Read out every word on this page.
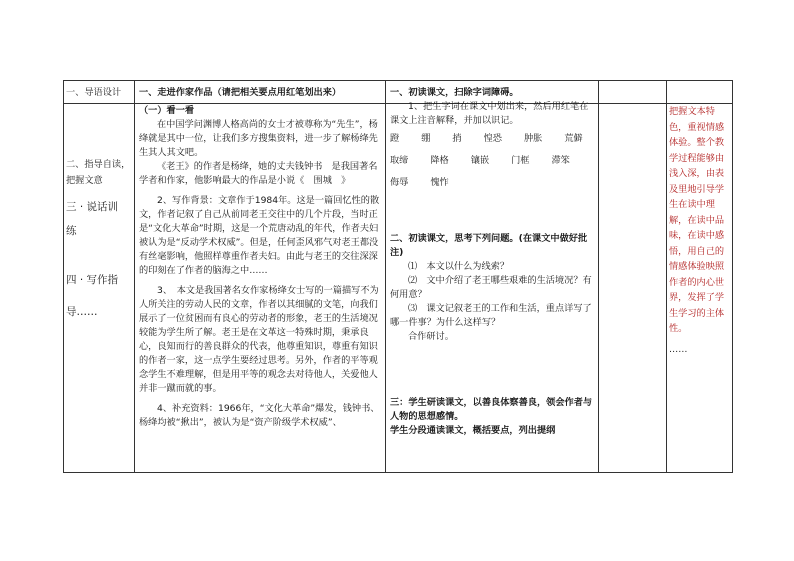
一、导语设计

二、指导自读，

把握文意

三 · 说话训

练

四 · 写作指

导……

一、走进作家作品（请把相关要点用红笔划出来）

（一）看一看

在中国学问渊博人格高尚的女士才被尊称为“先生”，杨绛就是其中一位，让我们多方搜集资料，进一步了解杨绛先生其人其文吧。

《老王》的作者是杨绛，她的丈夫钱钟书　是我国著名学者和作家，他影响最大的作品是小说《　围城　》

2、写作背景：文章作于1984年。这是一篇回忆性的散文，作者记叙了自己从前同老王交往中的几个片段，当时正是“文化大革命”时期，这是一个荒唐动乱的年代，作者夫妇被认为是“反动学术权威”。但是，任何歪风邪气对老王都没有丝毫影响，他照样尊重作者夫妇。由此与老王的交往深深的印刻在了作者的脑海之中……

3、　本文是我国著名女作家杨绛女士写的一篇描写不为人所关注的劳动人民的文章，作者以其细腻的文笔，向我们展示了一位贫困而有良心的劳动者的形象，老王的生活境况较能为学生所了解。老王是在文革这一特殊时期，秉承良心，良知而行的善良群众的代表，他尊重知识，尊重有知识的作者一家，这一点学生要经过思考。另外，作者的平等观念学生不难理解，但是用平等的观念去对待他人，关爱他人并非一蹴而就的事。

4、补充资料：1966年，“文化大革命”爆发，钱钟书、杨绛均被“揪出”，被认为是“资产阶级学术权威”、

一、初读课文，扫除字词障碍。

1、把生字词在课文中划出来，然后用红笔在课文上注音解释，并加以识记。

蹬 绷 捎 惶恐 肿胀 荒僻
取缔 降格 镶嵌 门框 滞笨
侮辱 愧怍

二、初读课文，思考下列问题。(在课文中做好批注)

⑴　本文以什么为线索？

⑵　文中介绍了老王哪些艰难的生活境况？有何用意？

⑶　课文记叙老王的工作和生活，重点详写了哪一件事？为什么这样写？

合作研讨。

三：学生研读课文，以善良体察善良，领会作者与人物的思想感情。

学生分段通读课文，概括要点，列出提纲

把握文本特色，重视情感体验。整个教学过程能够由浅入深，由表及里地引导学生在读中理解，在读中品味，在读中感悟，用自己的情感体验映照作者的内心世界，发挥了学生学习的主体性。

……
